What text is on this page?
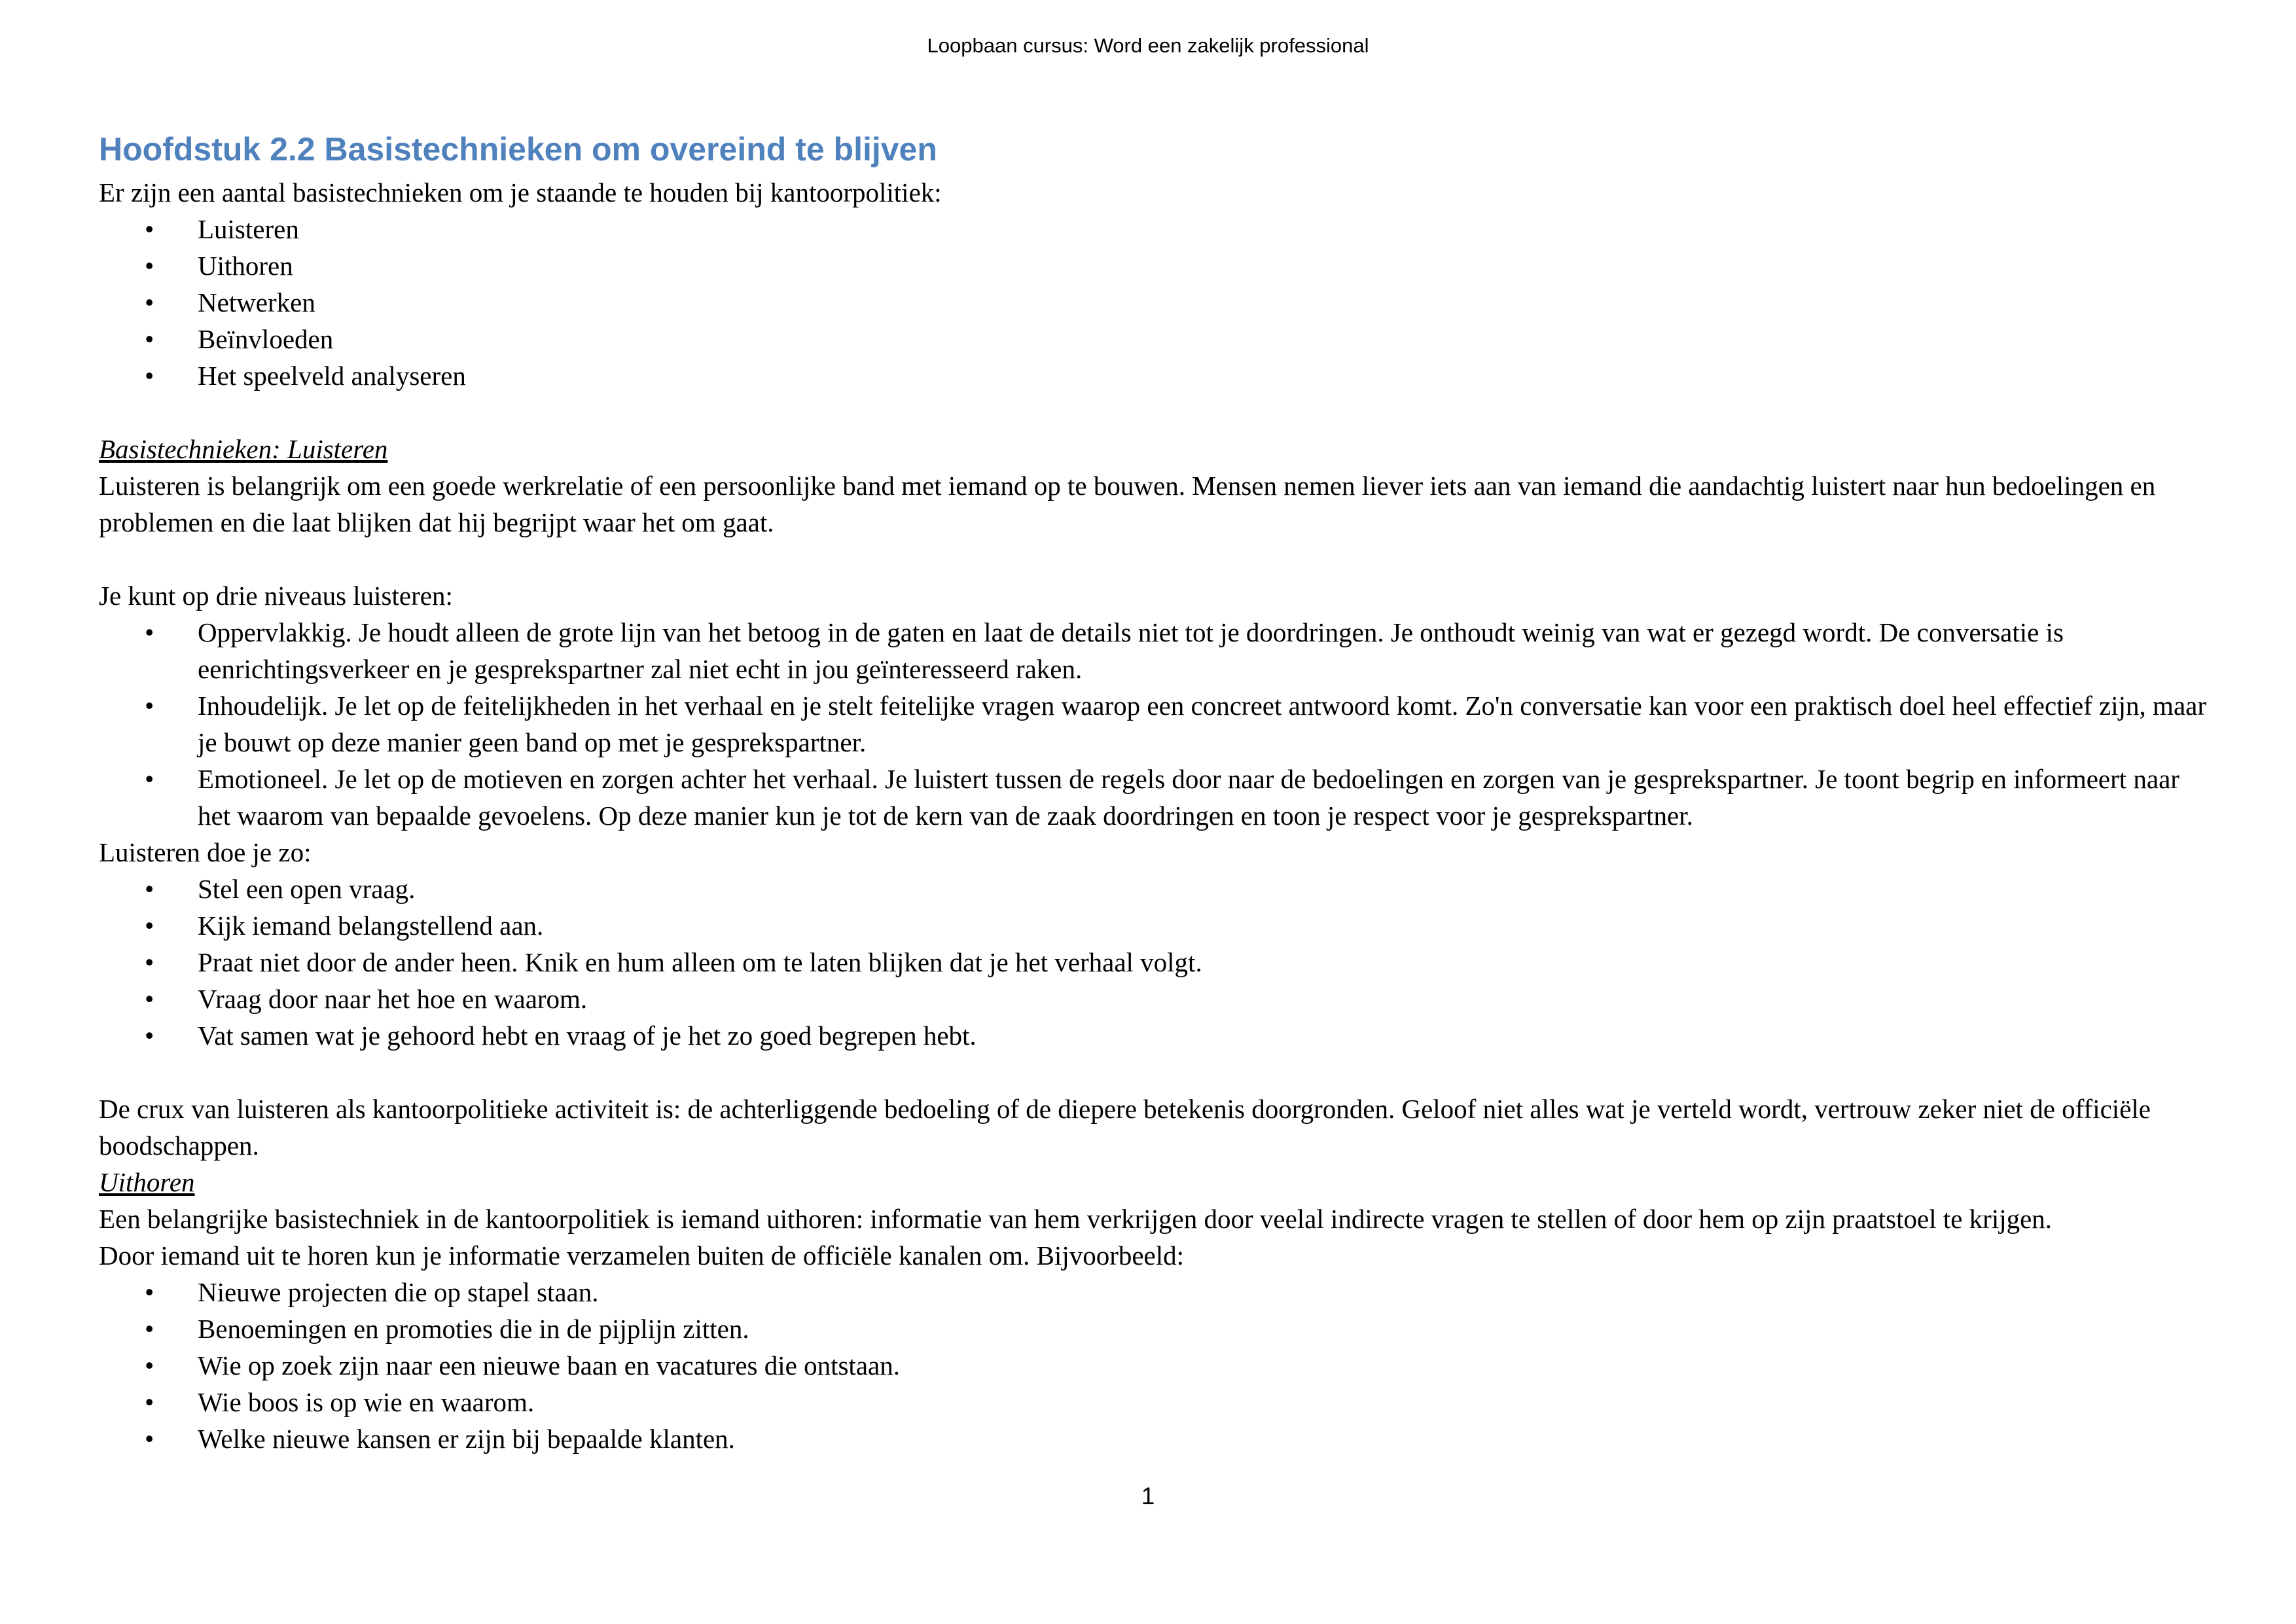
Loopbaan cursus: Word een zakelijk professional
Hoofdstuk 2.2 Basistechnieken om overeind te blijven

Er zijn een aantal basistechnieken om je staande te houden bij kantoorpolitiek:

• Luisteren
• Uithoren
• Netwerken
• Beïnvloeden
• Het speelveld analyseren

Basistechnieken: Luisteren

Luisteren is belangrijk om een goede werkrelatie of een persoonlijke band met iemand op te bouwen. Mensen nemen liever iets aan van iemand die aandachtig luistert naar hun bedoelingen en problemen en die laat blijken dat hij begrijpt waar het om gaat.

Je kunt op drie niveaus luisteren:

• Oppervlakkig. Je houdt alleen de grote lijn van het betoog in de gaten en laat de details niet tot je doordringen. Je onthoudt weinig van wat er gezegd wordt. De conversatie is eenrichtingsverkeer en je gesprekspartner zal niet echt in jou geïnteresseerd raken.
• Inhoudelijk. Je let op de feitelijkheden in het verhaal en je stelt feitelijke vragen waarop een concreet antwoord komt. Zo'n conversatie kan voor een praktisch doel heel effectief zijn, maar je bouwt op deze manier geen band op met je gesprekspartner.
• Emotioneel. Je let op de motieven en zorgen achter het verhaal. Je luistert tussen de regels door naar de bedoelingen en zorgen van je gesprekspartner. Je toont begrip en informeert naar het waarom van bepaalde gevoelens. Op deze manier kun je tot de kern van de zaak doordringen en toon je respect voor je gesprekspartner.

Luisteren doe je zo:

• Stel een open vraag.
• Kijk iemand belangstellend aan.
• Praat niet door de ander heen. Knik en hum alleen om te laten blijken dat je het verhaal volgt.
• Vraag door naar het hoe en waarom.
• Vat samen wat je gehoord hebt en vraag of je het zo goed begrepen hebt.

De crux van luisteren als kantoorpolitieke activiteit is: de achterliggende bedoeling of de diepere betekenis doorgronden. Geloof niet alles wat je verteld wordt, vertrouw zeker niet de officiële boodschappen.

Uithoren

Een belangrijke basistechniek in de kantoorpolitiek is iemand uithoren: informatie van hem verkrijgen door veelal indirecte vragen te stellen of door hem op zijn praatstoel te krijgen.

Door iemand uit te horen kun je informatie verzamelen buiten de officiële kanalen om. Bijvoorbeeld:

• Nieuwe projecten die op stapel staan.
• Benoemingen en promoties die in de pijplijn zitten.
• Wie op zoek zijn naar een nieuwe baan en vacatures die ontstaan.
• Wie boos is op wie en waarom.
• Welke nieuwe kansen er zijn bij bepaalde klanten.
1
